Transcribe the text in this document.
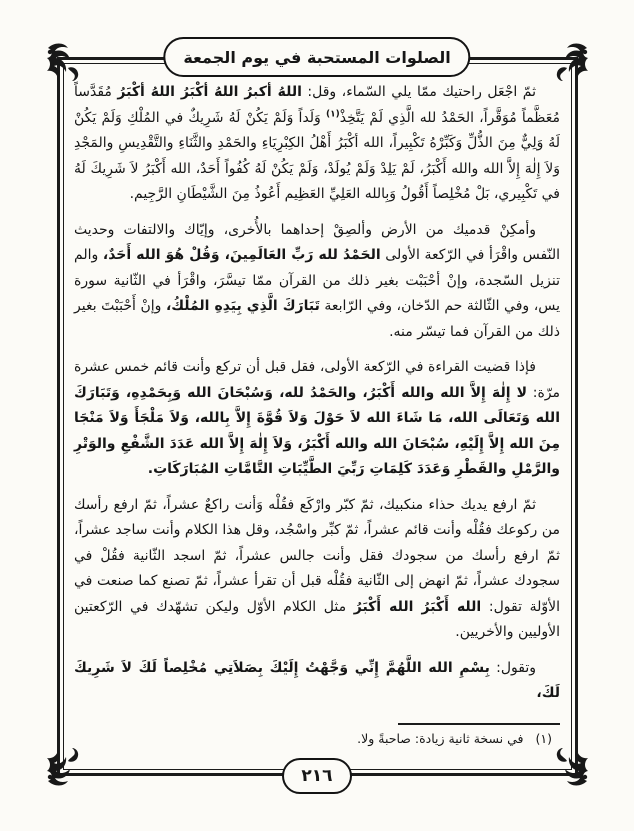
الصلوات المستحبة في يوم الجمعة

ثمّ اجْعَل راحتيك ممّا يلي السّماء، وقل: اللهُ أكبرُ اللهُ أكْبَرُ اللهُ أكْبَرُ مُقَدَّساً مُعَظَّماً مُوَقَّراً، الحَمْدُ لله الَّذِي لَمْ يَتَّخِذْ$^{(١)}$ وَلَداً وَلَمْ يَكُنْ لَهُ شَرِيكٌ في المُلْكِ وَلَمْ يَكُنْ لَهُ وَلِيٌّ مِنَ الذُّلِّ وَكَبِّرْهُ تَكْبِيراً، الله أكْبَرُ أَهْلُ الكِبْرِيَاءِ والحَمْدِ والثَّنَاءِ والتَّقْدِيسِ والمَجْدِ وَلاَ إِلٰهَ إِلاَّ الله والله أَكْبَرُ، لَمْ يَلِدْ وَلَمْ يُولَدْ، وَلَمْ يَكُنْ لَهُ كُفُواً أَحَدٌ، الله أَكْبَرُ لاَ شَرِيكَ لَهُ في تَكْبِيري، بَلْ مُخْلِصاً أَقُولُ وَبِالله العَلِيِّ العَظِيم أَعُوذُ مِنَ الشَّيْطَانِ الرَّجِيم.

وأمكِنْ قدميك من الأرض وألصِقْ إحداهما بالأُخرى، وإيّاك والالتفات وحديث النّفس واقْرَأ في الرّكعة الأولى الحَمْدُ لله رَبِّ العَالَمِينَ، وَقُلْ هُوَ الله أَحَدٌ، والم تنزيل السّجدة، وإنْ أحْبَبْت بغير ذلك من القرآن ممّا تيسَّرَ، واقْرَأ في الثّانية سورة يس، وفي الثّالثة حم الدّخان، وفي الرّابعة تَبَارَكَ الَّذِي بِيَدِهِ المُلْكُ، وإنْ أَحْبَبْتَ بغير ذلك من القرآن فما تيسّر منه.

فإذا قضيت القراءة في الرّكعة الأولى، فقل قبل أن تركع وأنت قائم خمس عشرة مرّة: لا إِلٰهَ إِلاَّ الله والله أَكْبَرُ، والحَمْدُ لله، وَسُبْحَانَ الله وَبِحَمْدِهِ، وَتَبَارَكَ الله وَتَعَالَى الله، مَا شَاءَ الله لاَ حَوْلَ وَلاَ قُوَّةَ إِلاَّ بِالله، وَلاَ مَلْجَأَ وَلاَ مَنْجَا مِنَ الله إِلاَّ إِلَيْهِ، سُبْحَانَ الله والله أَكْبَرُ، وَلاَ إِلٰهَ إِلاَّ الله عَدَدَ الشَّفْعِ والوَتْرِ والرَّمْلِ والقَطْرِ وَعَدَدَ كَلِمَاتِ رَبِّيَ الطَّيِّبَاتِ التَّامَّاتِ المُبَارَكَاتِ.

ثمّ ارفع يديك حذاء منكبيك، ثمّ كبّر وارْكَع فقُلْه وَأنت راكعٌ عشراً، ثمّ ارفع رأسك من ركوعك فقُلْه وأنت قائم عشراً، ثمّ كبِّر واسْجُد، وقل هذا الكلام وأنت ساجد عشراً، ثمّ ارفع رأسك من سجودك فقل وأنت جالس عشراً، ثمّ اسجد الثّانية فقُلْ في سجودك عشراً، ثمّ انهض إلى الثّانية فقُلْه قبل أن تقرأ عشراً، ثمّ تصنع كما صنعت في الأوّلة تقول: الله أَكْبَرُ الله أَكْبَرُ مثل الكلام الأوّل وليكن تشهّدك في الرّكعتين الأوليين والأخريين.

وتقول: بِسْمِ الله اللَّهُمَّ إِنِّي وَجَّهْتُ إِلَيْكَ بِصَلاَتِي مُخْلِصاً لَكَ لاَ شَرِيكَ لَكَ،

(١)في نسخة ثانية زيادة: صاحبةً ولا.
٢١٦
